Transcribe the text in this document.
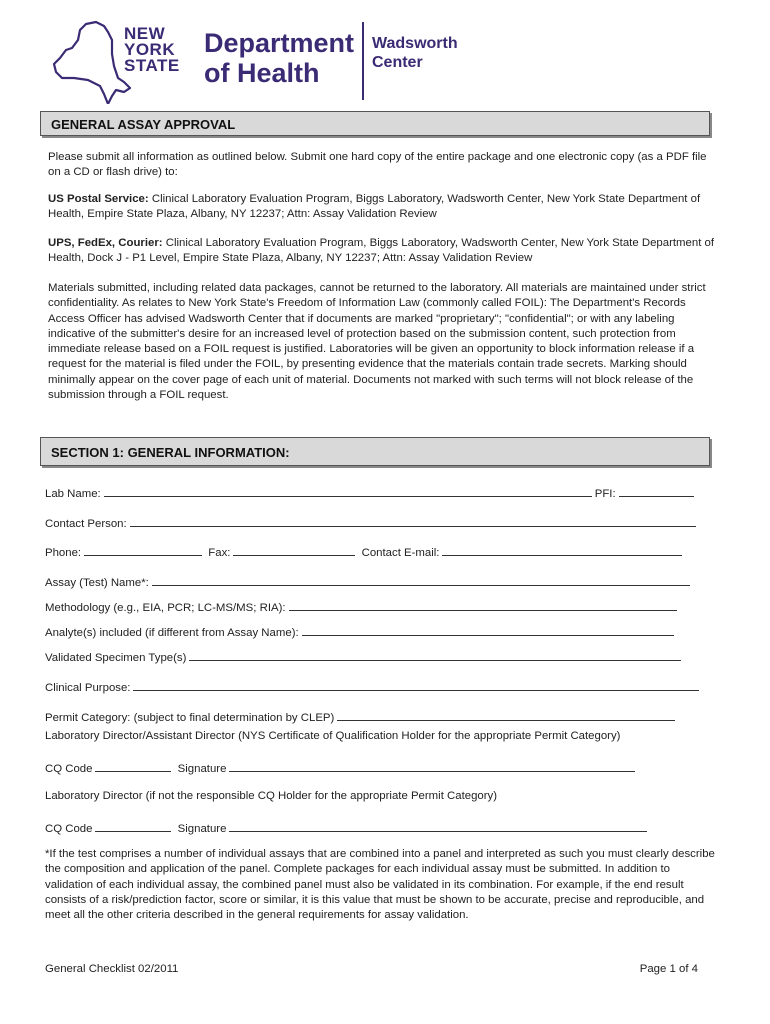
NEW
YORK
STATE
Department
of Health
Wadsworth
Center
GENERAL ASSAY APPROVAL
Please submit all information as outlined below. Submit one hard copy of the entire package and one electronic copy (as a PDF file on a CD or flash drive) to:
US Postal Service: Clinical Laboratory Evaluation Program, Biggs Laboratory, Wadsworth Center, New York State Department of Health, Empire State Plaza, Albany, NY 12237; Attn: Assay Validation Review
UPS, FedEx, Courier: Clinical Laboratory Evaluation Program, Biggs Laboratory, Wadsworth Center, New York State Department of Health, Dock J - P1 Level, Empire State Plaza, Albany, NY 12237; Attn: Assay Validation Review
Materials submitted, including related data packages, cannot be returned to the laboratory. All materials are maintained under strict confidentiality. As relates to New York State's Freedom of Information Law (commonly called FOIL): The Department's Records Access Officer has advised Wadsworth Center that if documents are marked "proprietary"; "confidential"; or with any labeling indicative of the submitter's desire for an increased level of protection based on the submission content, such protection from immediate release based on a FOIL request is justified. Laboratories will be given an opportunity to block information release if a request for the material is filed under the FOIL, by presenting evidence that the materials contain trade secrets. Marking should minimally appear on the cover page of each unit of material. Documents not marked with such terms will not block release of the submission through a FOIL request.
SECTION 1: GENERAL INFORMATION:
Lab Name:	PFI:
Contact Person:
Phone:	Fax:	Contact E-mail:
Assay (Test) Name*:
Methodology (e.g., EIA, PCR; LC-MS/MS; RIA):
Analyte(s) included (if different from Assay Name):
Validated Specimen Type(s)
Clinical Purpose:
Permit Category: (subject to final determination by CLEP)
Laboratory Director/Assistant Director (NYS Certificate of Qualification Holder for the appropriate Permit Category)
CQ Code	Signature
Laboratory Director (if not the responsible CQ Holder for the appropriate Permit Category)
CQ Code	Signature
*If the test comprises a number of individual assays that are combined into a panel and interpreted as such you must clearly describe the composition and application of the panel. Complete packages for each individual assay must be submitted. In addition to validation of each individual assay, the combined panel must also be validated in its combination. For example, if the end result consists of a risk/prediction factor, score or similar, it is this value that must be shown to be accurate, precise and reproducible, and meet all the other criteria described in the general requirements for assay validation.
General Checklist 02/2011	Page 1 of 4
